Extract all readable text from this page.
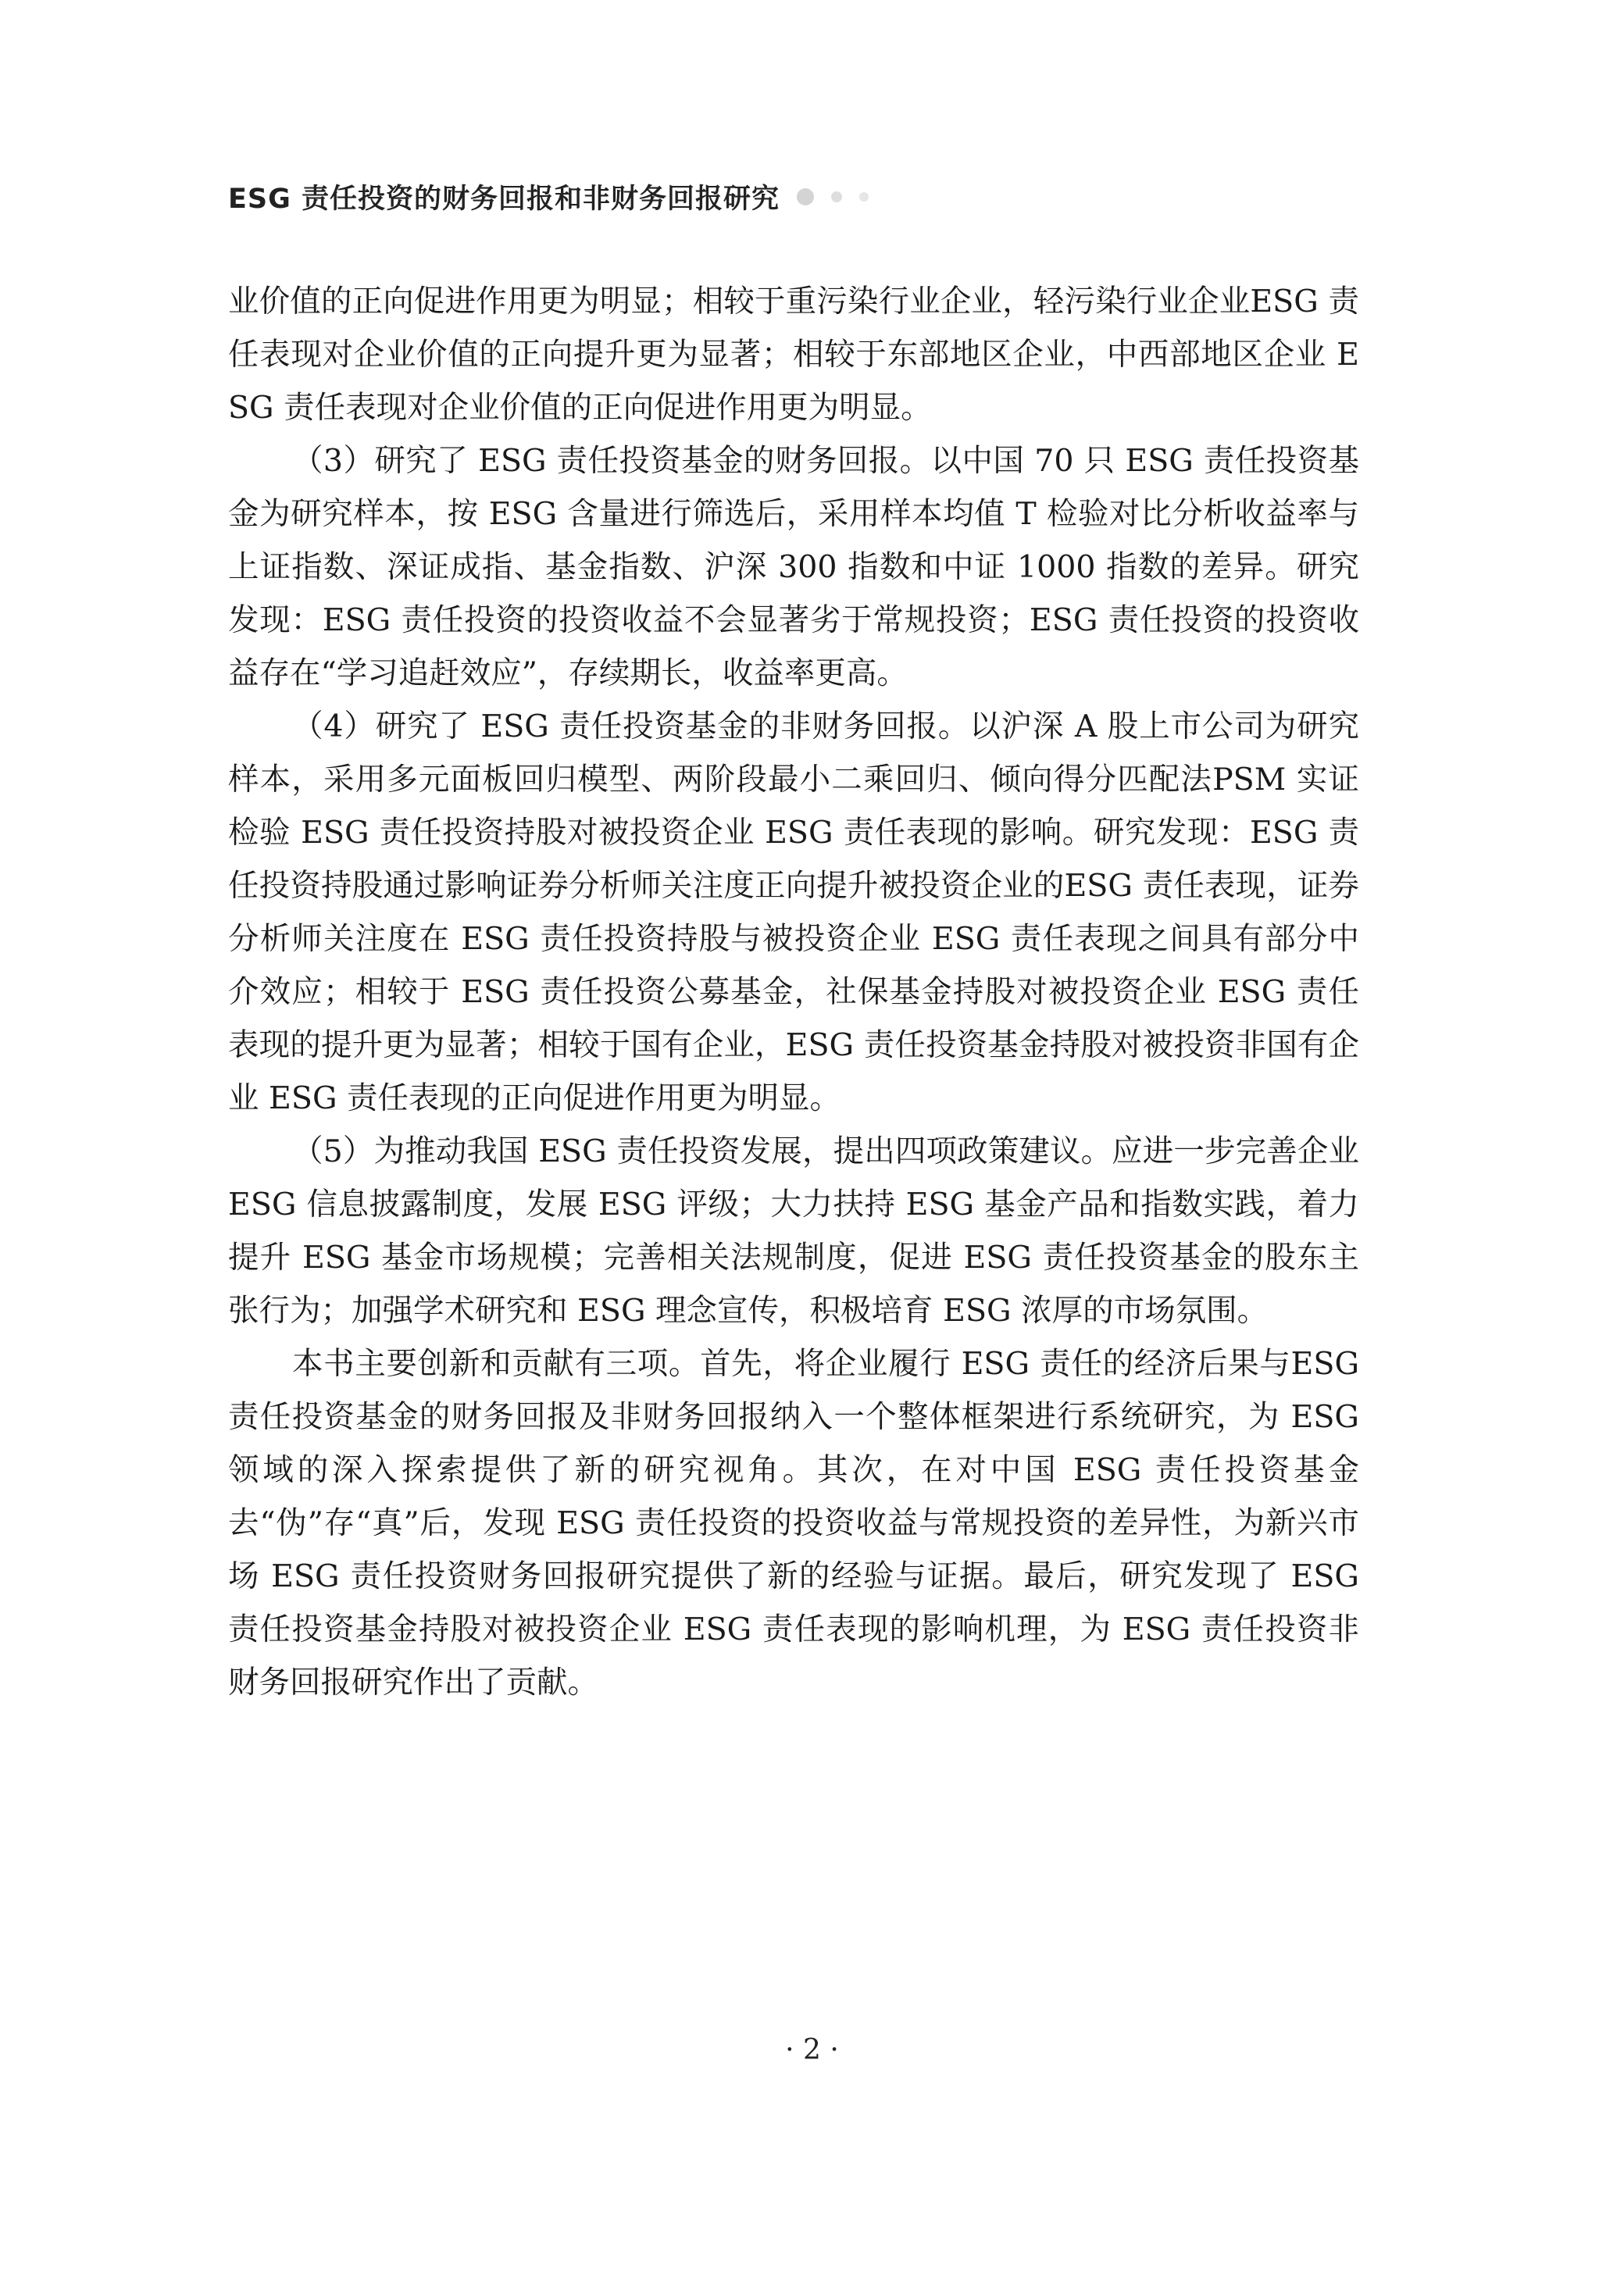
ESG 责任投资的财务回报和非财务回报研究

业价值的正向促进作用更为明显；相较于重污染行业企业，轻污染行业企业ESG 责任表现对企业价值的正向提升更为显著；相较于东部地区企业，中西部地区企业 ESG 责任表现对企业价值的正向促进作用更为明显。

（3）研究了 ESG 责任投资基金的财务回报。以中国 70 只 ESG 责任投资基金为研究样本，按 ESG 含量进行筛选后，采用样本均值 T 检验对比分析收益率与上证指数、深证成指、基金指数、沪深 300 指数和中证 1000 指数的差异。研究发现：ESG 责任投资的投资收益不会显著劣于常规投资；ESG 责任投资的投资收益存在“学习追赶效应”，存续期长，收益率更高。

（4）研究了 ESG 责任投资基金的非财务回报。以沪深 A 股上市公司为研究样本，采用多元面板回归模型、两阶段最小二乘回归、倾向得分匹配法PSM 实证检验 ESG 责任投资持股对被投资企业 ESG 责任表现的影响。研究发现：ESG 责任投资持股通过影响证券分析师关注度正向提升被投资企业的ESG 责任表现，证券分析师关注度在 ESG 责任投资持股与被投资企业 ESG 责任表现之间具有部分中介效应；相较于 ESG 责任投资公募基金，社保基金持股对被投资企业 ESG 责任表现的提升更为显著；相较于国有企业，ESG 责任投资基金持股对被投资非国有企业 ESG 责任表现的正向促进作用更为明显。

（5）为推动我国 ESG 责任投资发展，提出四项政策建议。应进一步完善企业 ESG 信息披露制度，发展 ESG 评级；大力扶持 ESG 基金产品和指数实践，着力提升 ESG 基金市场规模；完善相关法规制度，促进 ESG 责任投资基金的股东主张行为；加强学术研究和 ESG 理念宣传，积极培育 ESG 浓厚的市场氛围。

本书主要创新和贡献有三项。首先，将企业履行 ESG 责任的经济后果与ESG 责任投资基金的财务回报及非财务回报纳入一个整体框架进行系统研究，为 ESG 领域的深入探索提供了新的研究视角。其次，在对中国 ESG 责任投资基金去“伪”存“真”后，发现 ESG 责任投资的投资收益与常规投资的差异性，为新兴市场 ESG 责任投资财务回报研究提供了新的经验与证据。最后，研究发现了 ESG 责任投资基金持股对被投资企业 ESG 责任表现的影响机理，为 ESG 责任投资非财务回报研究作出了贡献。

· 2 ·
